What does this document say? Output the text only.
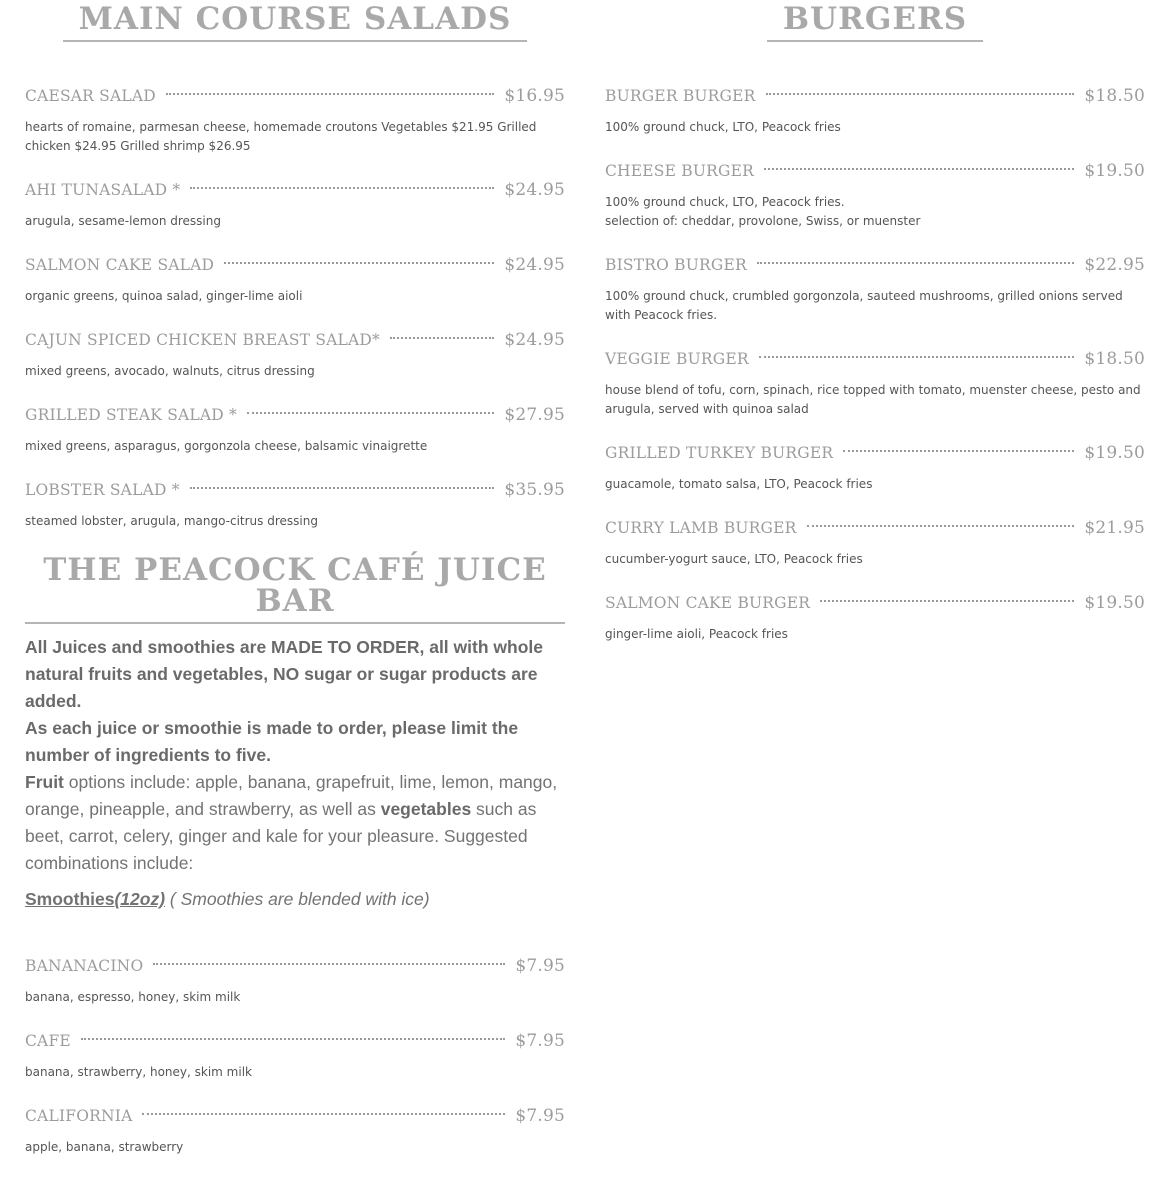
MAIN COURSE SALADS
CAESAR SALAD	$16.95
hearts of romaine, parmesan cheese, homemade croutons Vegetables $21.95 Grilled chicken $24.95 Grilled shrimp $26.95
AHI TUNASALAD *	$24.95
arugula, sesame-lemon dressing
SALMON CAKE SALAD	$24.95
organic greens, quinoa salad, ginger-lime aioli
CAJUN SPICED CHICKEN BREAST SALAD*	$24.95
mixed greens, avocado, walnuts, citrus dressing
GRILLED STEAK SALAD *	$27.95
mixed greens, asparagus, gorgonzola cheese, balsamic vinaigrette
LOBSTER SALAD *	$35.95
steamed lobster, arugula, mango-citrus dressing
THE PEACOCK CAFÉ JUICE BAR

All Juices and smoothies are MADE TO ORDER, all with whole natural fruits and vegetables, NO sugar or sugar products are added.

As each juice or smoothie is made to order, please limit the number of ingredients to five.

Fruit options include: apple, banana, grapefruit, lime, lemon, mango, orange, pineapple, and strawberry, as well as vegetables such as beet, carrot, celery, ginger and kale for your pleasure. Suggested combinations include:

Smoothies(12oz) ( Smoothies are blended with ice)
BANANACINO	$7.95
banana, espresso, honey, skim milk
CAFE	$7.95
banana, strawberry, honey, skim milk
CALIFORNIA	$7.95
apple, banana, strawberry
BURGERS
BURGER BURGER	$18.50
100% ground chuck, LTO, Peacock fries
CHEESE BURGER	$19.50
100% ground chuck, LTO, Peacock fries.
selection of: cheddar, provolone, Swiss, or muenster
BISTRO BURGER	$22.95
100% ground chuck, crumbled gorgonzola, sauteed mushrooms, grilled onions served with Peacock fries.
VEGGIE BURGER	$18.50
house blend of tofu, corn, spinach, rice topped with tomato, muenster cheese, pesto and arugula, served with quinoa salad
GRILLED TURKEY BURGER	$19.50
guacamole, tomato salsa, LTO, Peacock fries
CURRY LAMB BURGER	$21.95
cucumber-yogurt sauce, LTO, Peacock fries
SALMON CAKE BURGER	$19.50
ginger-lime aioli, Peacock fries
